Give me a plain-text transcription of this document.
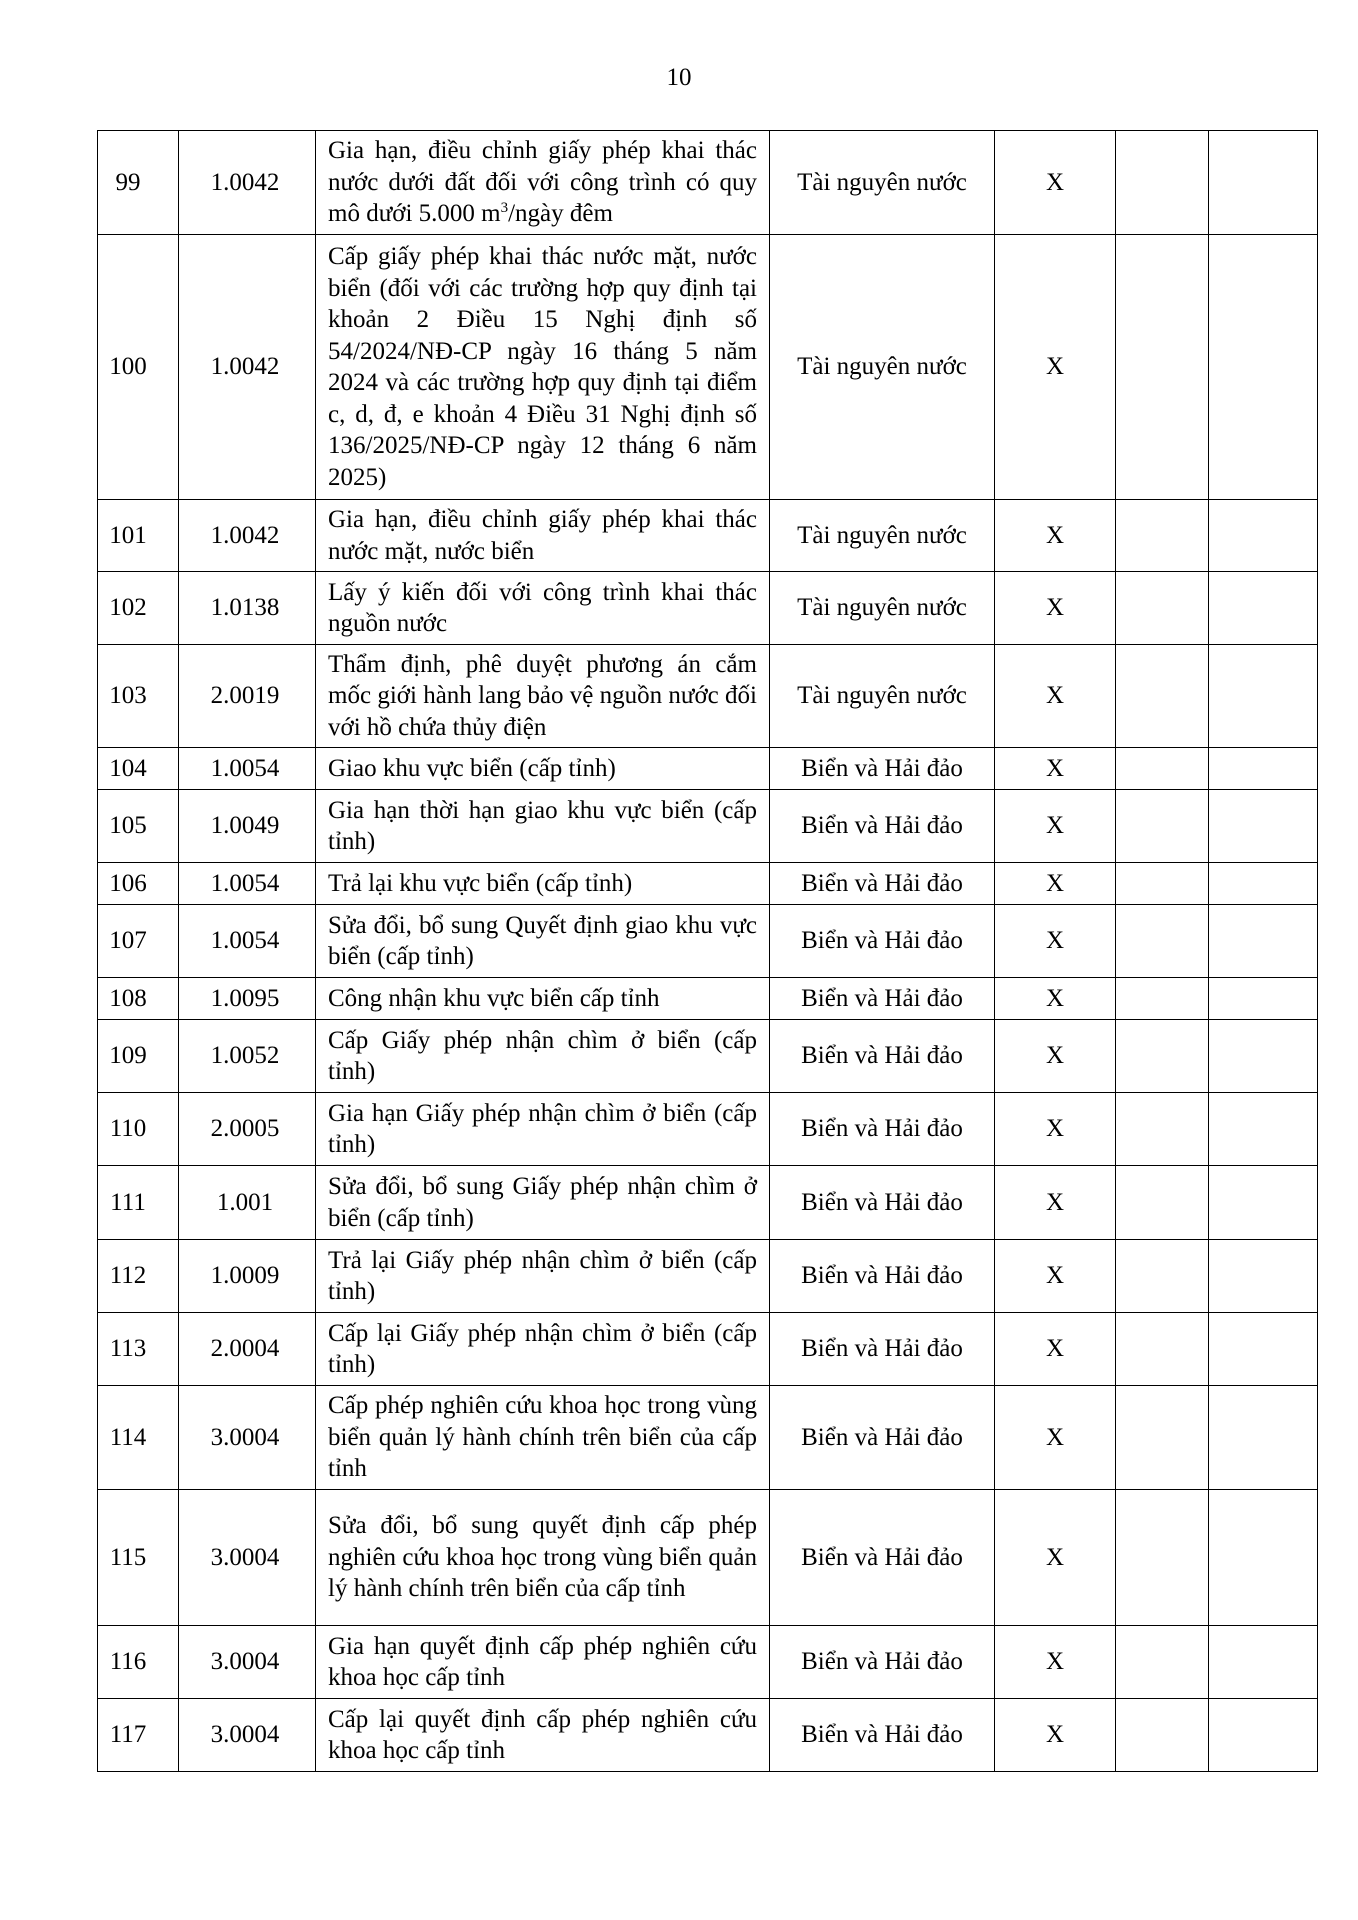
10
99	1.0042	Gia hạn, điều chỉnh giấy phép khai thác nước dưới đất đối với công trình có quy mô dưới 5.000 $m^3$/ngày đêm	Tài nguyên nước	X		
100	1.0042	Cấp giấy phép khai thác nước mặt, nước biển (đối với các trường hợp quy định tại khoản 2 Điều 15 Nghị định số 54/2024/NĐ-CP ngày 16 tháng 5 năm 2024 và các trường hợp quy định tại điểm c, d, đ, e khoản 4 Điều 31 Nghị định số 136/2025/NĐ-CP ngày 12 tháng 6 năm 2025)	Tài nguyên nước	X		
101	1.0042	Gia hạn, điều chỉnh giấy phép khai thác nước mặt, nước biển	Tài nguyên nước	X		
102	1.0138	Lấy ý kiến đối với công trình khai thác nguồn nước	Tài nguyên nước	X		
103	2.0019	Thẩm định, phê duyệt phương án cắm mốc giới hành lang bảo vệ nguồn nước đối với hồ chứa thủy điện	Tài nguyên nước	X		
104	1.0054	Giao khu vực biển (cấp tỉnh)	Biển và Hải đảo	X		
105	1.0049	Gia hạn thời hạn giao khu vực biển (cấp tỉnh)	Biển và Hải đảo	X		
106	1.0054	Trả lại khu vực biển (cấp tỉnh)	Biển và Hải đảo	X		
107	1.0054	Sửa đổi, bổ sung Quyết định giao khu vực biển (cấp tỉnh)	Biển và Hải đảo	X		
108	1.0095	Công nhận khu vực biển cấp tỉnh	Biển và Hải đảo	X		
109	1.0052	Cấp Giấy phép nhận chìm ở biển (cấp tỉnh)	Biển và Hải đảo	X		
110	2.0005	Gia hạn Giấy phép nhận chìm ở biển (cấp tỉnh)	Biển và Hải đảo	X		
111	1.001	Sửa đổi, bổ sung Giấy phép nhận chìm ở biển (cấp tỉnh)	Biển và Hải đảo	X		
112	1.0009	Trả lại Giấy phép nhận chìm ở biển (cấp tỉnh)	Biển và Hải đảo	X		
113	2.0004	Cấp lại Giấy phép nhận chìm ở biển (cấp tỉnh)	Biển và Hải đảo	X		
114	3.0004	Cấp phép nghiên cứu khoa học trong vùng biển quản lý hành chính trên biển của cấp tỉnh	Biển và Hải đảo	X		
115	3.0004	Sửa đổi, bổ sung quyết định cấp phép nghiên cứu khoa học trong vùng biển quản lý hành chính trên biển của cấp tỉnh	Biển và Hải đảo	X		
116	3.0004	Gia hạn quyết định cấp phép nghiên cứu khoa học cấp tỉnh	Biển và Hải đảo	X		
117	3.0004	Cấp lại quyết định cấp phép nghiên cứu khoa học cấp tỉnh	Biển và Hải đảo	X		
